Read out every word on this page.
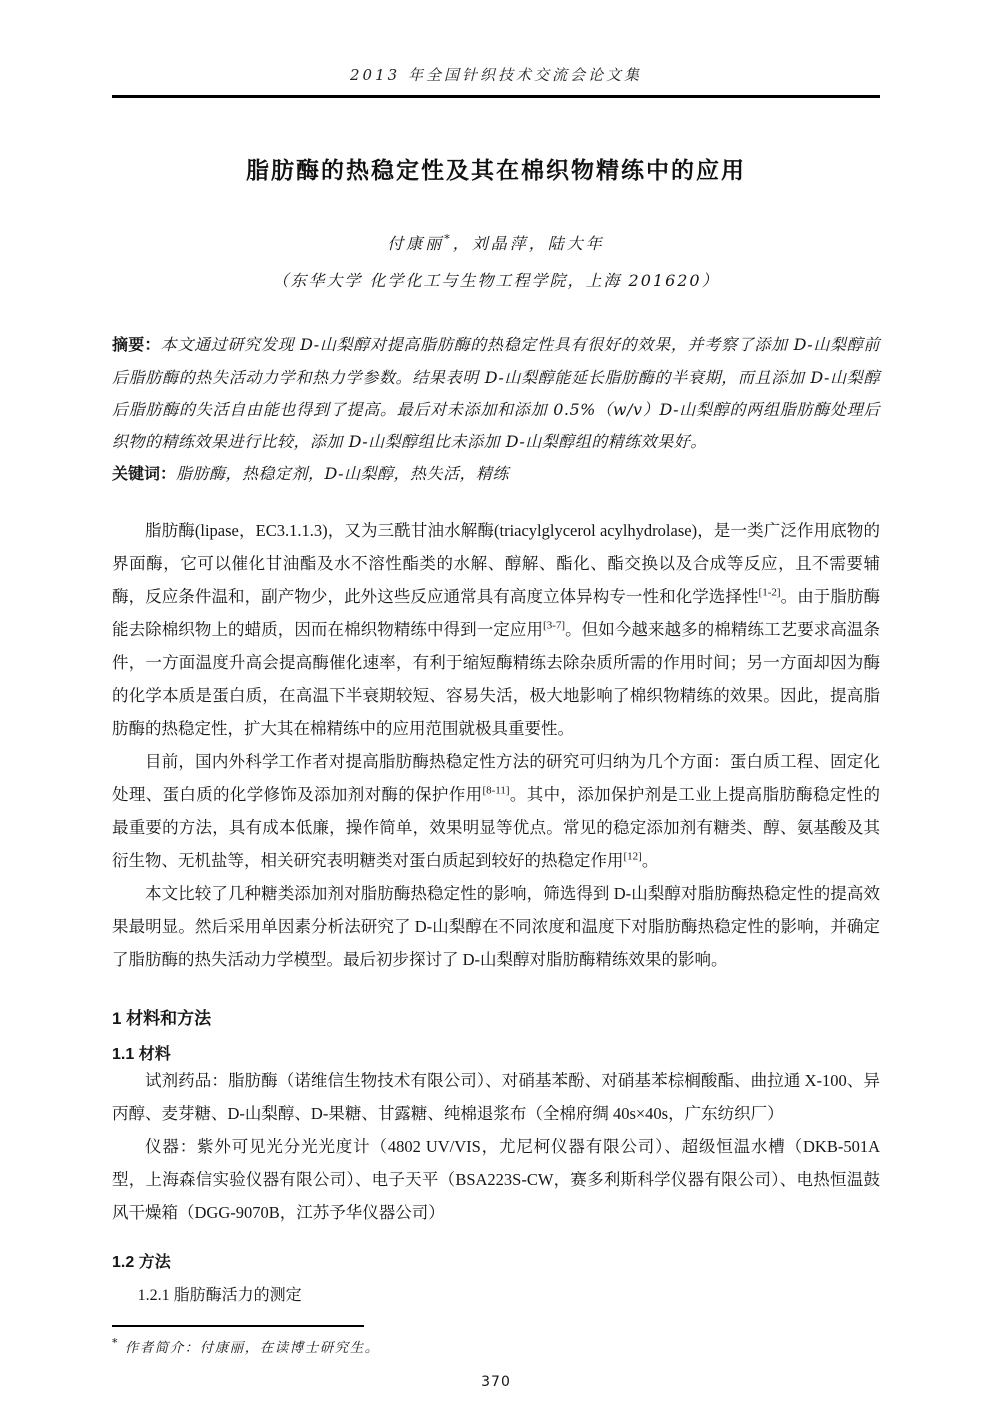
2013 年全国针织技术交流会论文集
脂肪酶的热稳定性及其在棉织物精练中的应用
付康丽*，刘晶萍，陆大年
（东华大学 化学化工与生物工程学院，上海 201620）

摘要：本文通过研究发现 D-山梨醇对提高脂肪酶的热稳定性具有很好的效果，并考察了添加 D-山梨醇前后脂肪酶的热失活动力学和热力学参数。结果表明 D-山梨醇能延长脂肪酶的半衰期，而且添加 D-山梨醇后脂肪酶的失活自由能也得到了提高。最后对未添加和添加 0.5%（w/v）D-山梨醇的两组脂肪酶处理后织物的精练效果进行比较，添加 D-山梨醇组比未添加 D-山梨醇组的精练效果好。

关键词：脂肪酶，热稳定剂，D-山梨醇，热失活，精练

脂肪酶(lipase，EC3.1.1.3)，又为三酰甘油水解酶(triacylglycerol acylhydrolase)，是一类广泛作用底物的界面酶，它可以催化甘油酯及水不溶性酯类的水解、醇解、酯化、酯交换以及合成等反应，且不需要辅酶，反应条件温和，副产物少，此外这些反应通常具有高度立体异构专一性和化学选择性[1-2]。由于脂肪酶能去除棉织物上的蜡质，因而在棉织物精练中得到一定应用[3-7]。但如今越来越多的棉精练工艺要求高温条件，一方面温度升高会提高酶催化速率，有利于缩短酶精练去除杂质所需的作用时间；另一方面却因为酶的化学本质是蛋白质，在高温下半衰期较短、容易失活，极大地影响了棉织物精练的效果。因此，提高脂肪酶的热稳定性，扩大其在棉精练中的应用范围就极具重要性。

目前，国内外科学工作者对提高脂肪酶热稳定性方法的研究可归纳为几个方面：蛋白质工程、固定化处理、蛋白质的化学修饰及添加剂对酶的保护作用[8-11]。其中，添加保护剂是工业上提高脂肪酶稳定性的最重要的方法，具有成本低廉，操作简单，效果明显等优点。常见的稳定添加剂有糖类、醇、氨基酸及其衍生物、无机盐等，相关研究表明糖类对蛋白质起到较好的热稳定作用[12]。

本文比较了几种糖类添加剂对脂肪酶热稳定性的影响，筛选得到 D-山梨醇对脂肪酶热稳定性的提高效果最明显。然后采用单因素分析法研究了 D-山梨醇在不同浓度和温度下对脂肪酶热稳定性的影响，并确定了脂肪酶的热失活动力学模型。最后初步探讨了 D-山梨醇对脂肪酶精练效果的影响。

1 材料和方法
1.1 材料

试剂药品：脂肪酶（诺维信生物技术有限公司）、对硝基苯酚、对硝基苯棕榈酸酯、曲拉通 X-100、异丙醇、麦芽糖、D-山梨醇、D-果糖、甘露糖、纯棉退浆布（全棉府绸 40s×40s，广东纺织厂）

仪器：紫外可见光分光光度计（4802 UV/VIS，尤尼柯仪器有限公司）、超级恒温水槽（DKB-501A 型，上海森信实验仪器有限公司）、电子天平（BSA223S-CW，赛多利斯科学仪器有限公司）、电热恒温鼓风干燥箱（DGG-9070B，江苏予华仪器公司）

1.2 方法
1.2.1 脂肪酶活力的测定
* 作者简介：付康丽，在读博士研究生。
370
